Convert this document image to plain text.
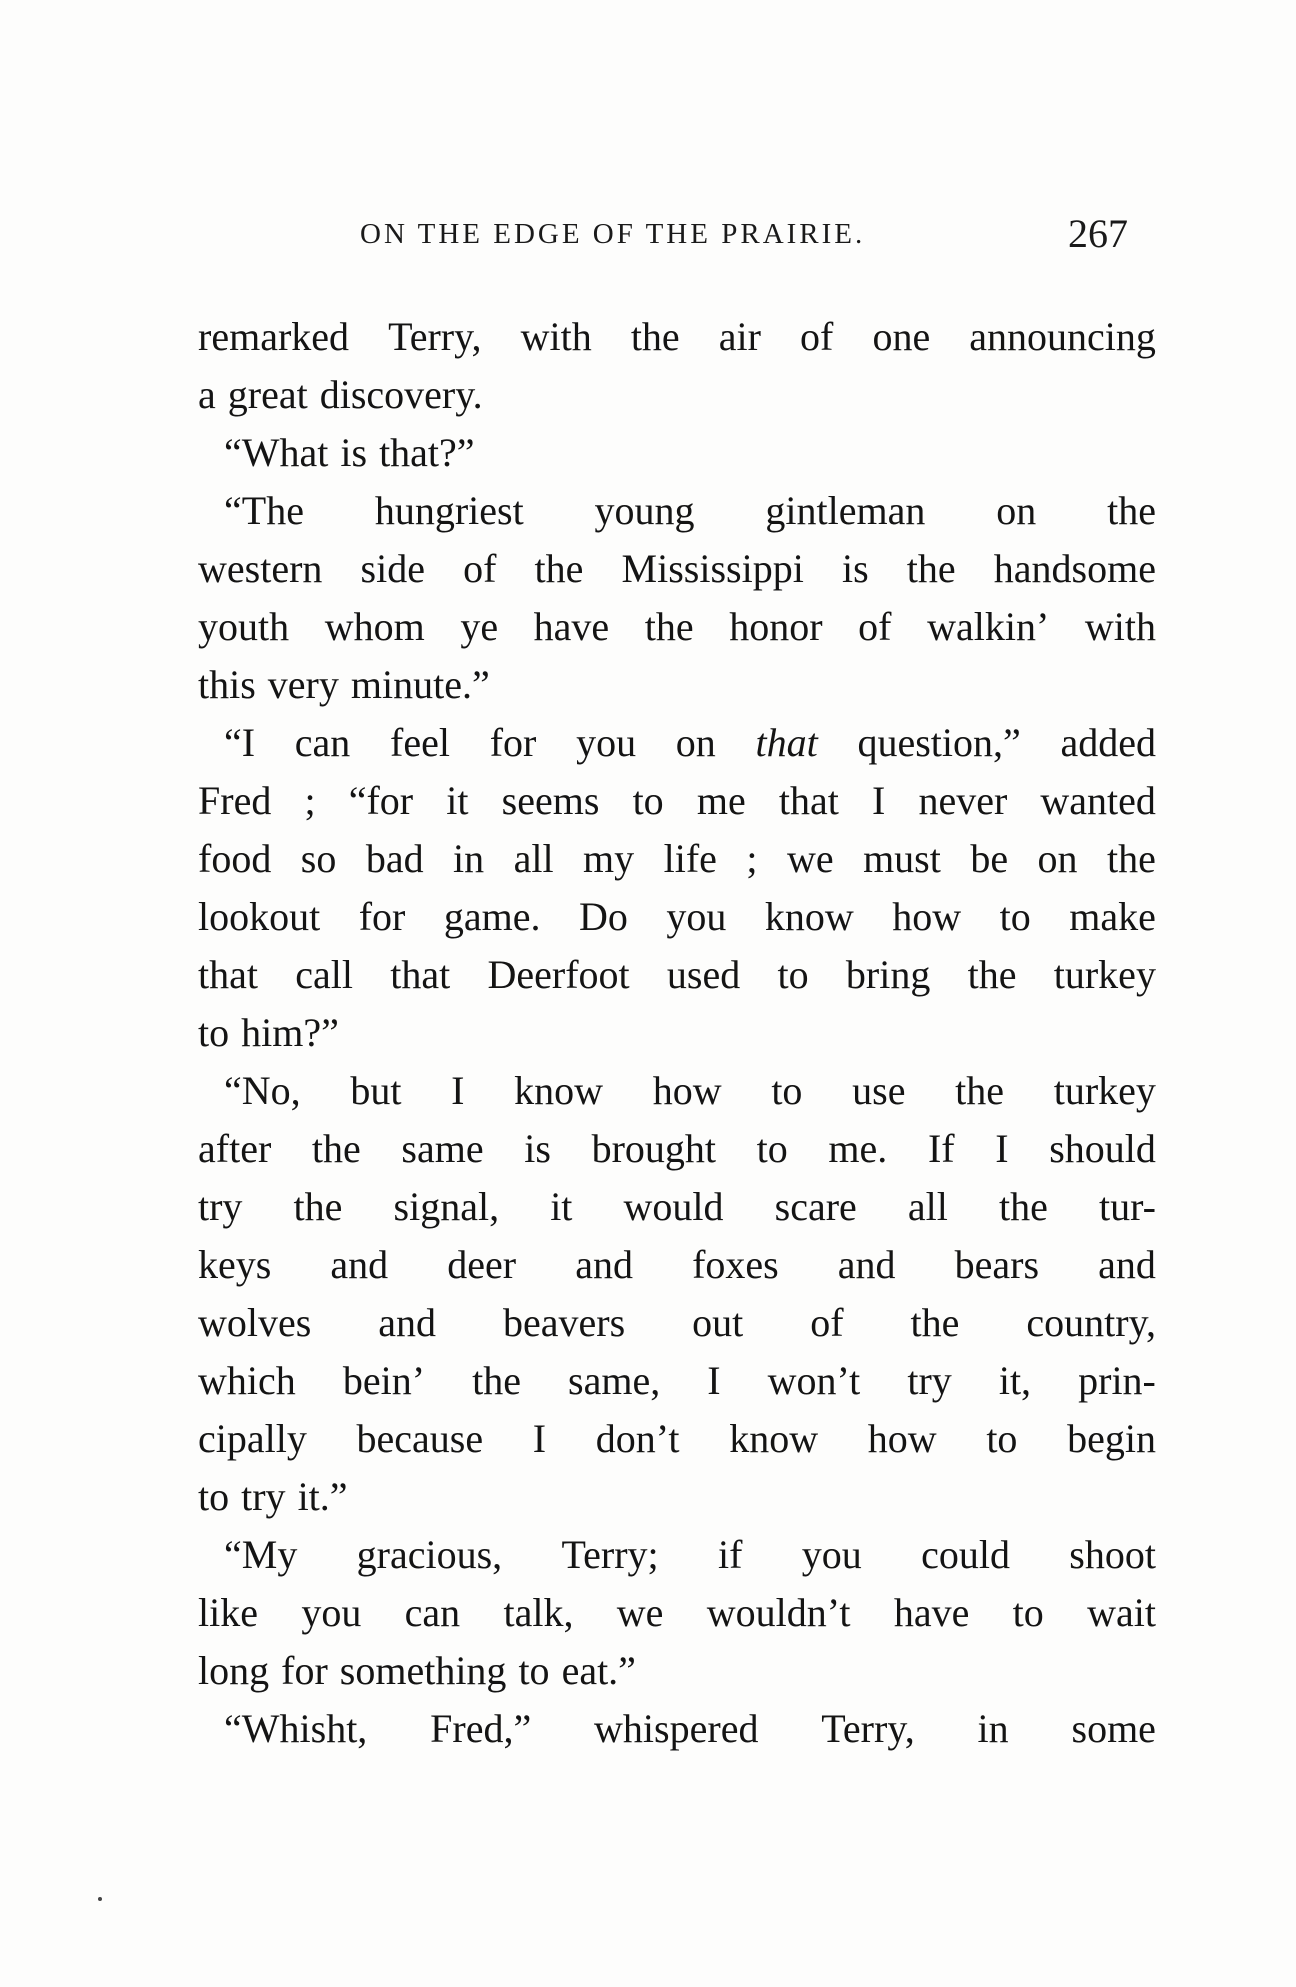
ON THE EDGE OF THE PRAIRIE.	267
remarked Terry, with the air of one announcing
a great discovery.
“What is that?”
“The hungriest young gintleman on the
western side of the Mississippi is the handsome
youth whom ye have the honor of walkin’ with
this very minute.”
“I can feel for you on that question,” added
Fred ; “for it seems to me that I never wanted
food so bad in all my life ; we must be on the
lookout for game. Do you know how to make
that call that Deerfoot used to bring the turkey
to him?”
“No, but I know how to use the turkey
after the same is brought to me. If I should
try the signal, it would scare all the tur-
keys and deer and foxes and bears and
wolves and beavers out of the country,
which bein’ the same, I won’t try it, prin-
cipally because I don’t know how to begin
to try it.”
“My gracious, Terry; if you could shoot
like you can talk, we wouldn’t have to wait
long for something to eat.”
“Whisht, Fred,” whispered Terry, in some
